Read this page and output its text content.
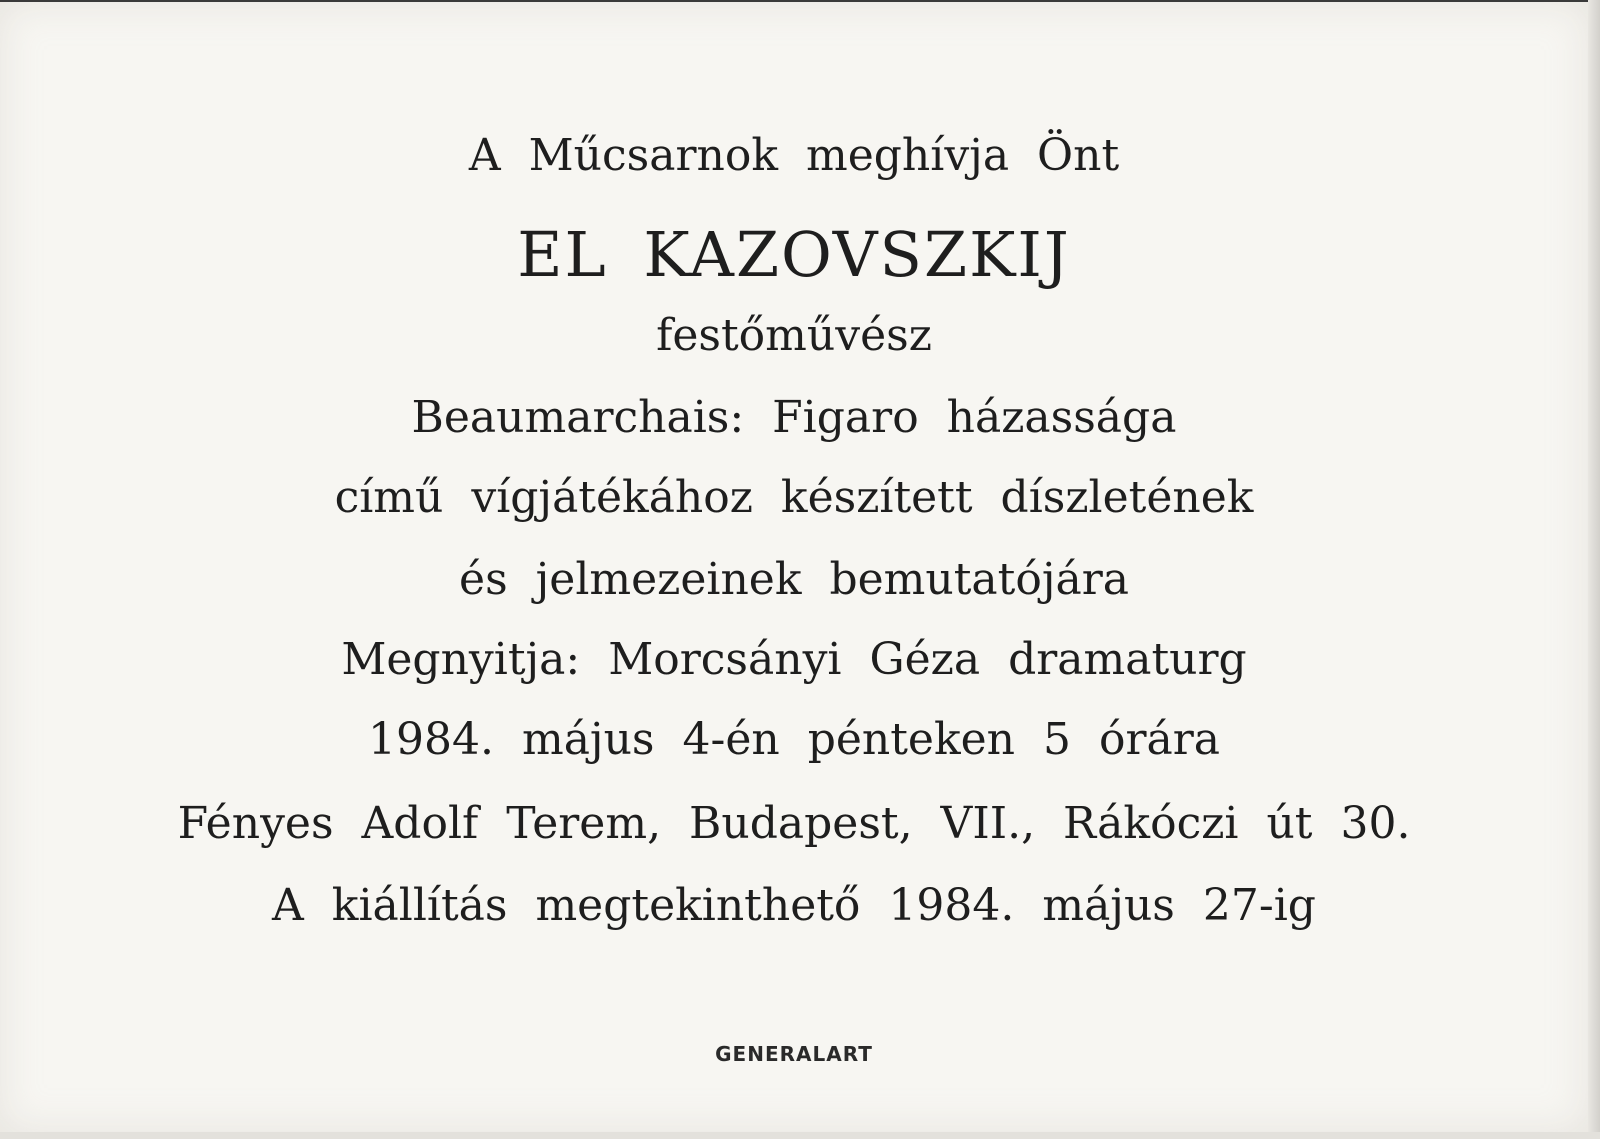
A Műcsarnok meghívja Önt
EL KAZOVSZKIJ
festőművész
Beaumarchais: Figaro házassága
című vígjátékához készített díszletének
és jelmezeinek bemutatójára
Megnyitja: Morcsányi Géza dramaturg
1984. május 4-én pénteken 5 órára
Fényes Adolf Terem, Budapest, VII., Rákóczi út 30.
A kiállítás megtekinthető 1984. május 27-ig
GENERALART
